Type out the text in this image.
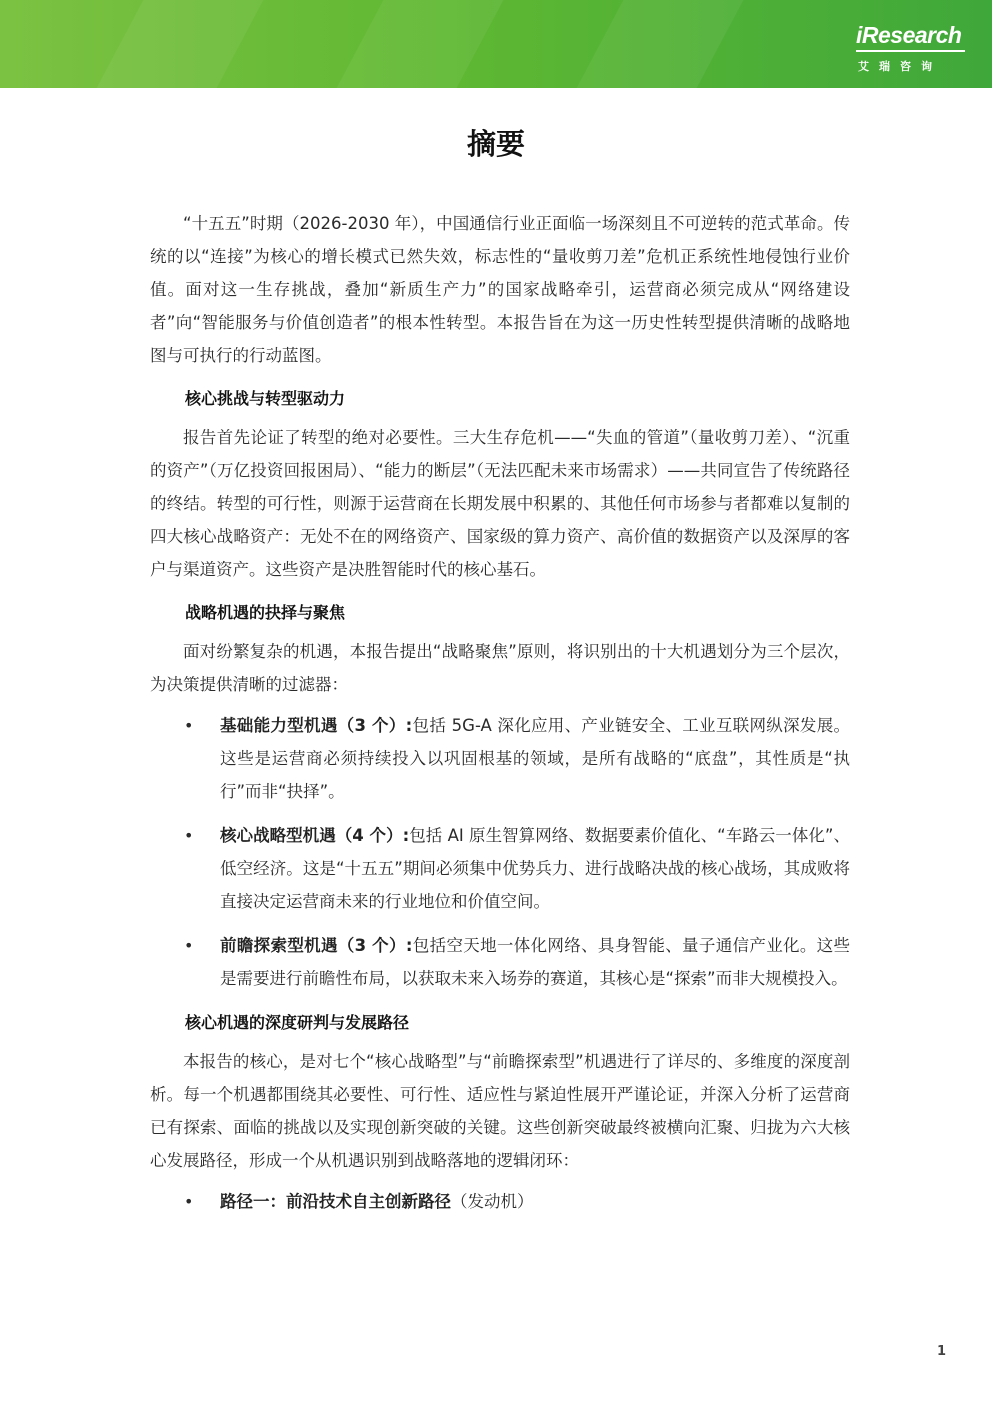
iResearch
艾瑞咨询
摘要

“十五五”时期（2026-2030 年），中国通信行业正面临一场深刻且不可逆转的范式革命。传统的以“连接”为核心的增长模式已然失效，标志性的“量收剪刀差”危机正系统性地侵蚀行业价值。面对这一生存挑战，叠加“新质生产力”的国家战略牵引，运营商必须完成从“网络建设者”向“智能服务与价值创造者”的根本性转型。本报告旨在为这一历史性转型提供清晰的战略地图与可执行的行动蓝图。

核心挑战与转型驱动力

报告首先论证了转型的绝对必要性。三大生存危机——“失血的管道”（量收剪刀差）、“沉重的资产”（万亿投资回报困局）、“能力的断层”（无法匹配未来市场需求）——共同宣告了传统路径的终结。转型的可行性，则源于运营商在长期发展中积累的、其他任何市场参与者都难以复制的四大核心战略资产：无处不在的网络资产、国家级的算力资产、高价值的数据资产以及深厚的客户与渠道资产。这些资产是决胜智能时代的核心基石。

战略机遇的抉择与聚焦

面对纷繁复杂的机遇，本报告提出“战略聚焦”原则，将识别出的十大机遇划分为三个层次，为决策提供清晰的过滤器：

• 基础能力型机遇（3 个）:包括 5G-A 深化应用、产业链安全、工业互联网纵深发展。这些是运营商必须持续投入以巩固根基的领域，是所有战略的“底盘”，其性质是“执行”而非“抉择”。
• 核心战略型机遇（4 个）:包括 AI 原生智算网络、数据要素价值化、“车路云一体化”、低空经济。这是“十五五”期间必须集中优势兵力、进行战略决战的核心战场，其成败将直接决定运营商未来的行业地位和价值空间。
• 前瞻探索型机遇（3 个）:包括空天地一体化网络、具身智能、量子通信产业化。这些是需要进行前瞻性布局，以获取未来入场券的赛道，其核心是“探索”而非大规模投入。
核心机遇的深度研判与发展路径

本报告的核心，是对七个“核心战略型”与“前瞻探索型”机遇进行了详尽的、多维度的深度剖析。每一个机遇都围绕其必要性、可行性、适应性与紧迫性展开严谨论证，并深入分析了运营商已有探索、面临的挑战以及实现创新突破的关键。这些创新突破最终被横向汇聚、归拢为六大核心发展路径，形成一个从机遇识别到战略落地的逻辑闭环：

• 路径一：前沿技术自主创新路径（发动机）
1
